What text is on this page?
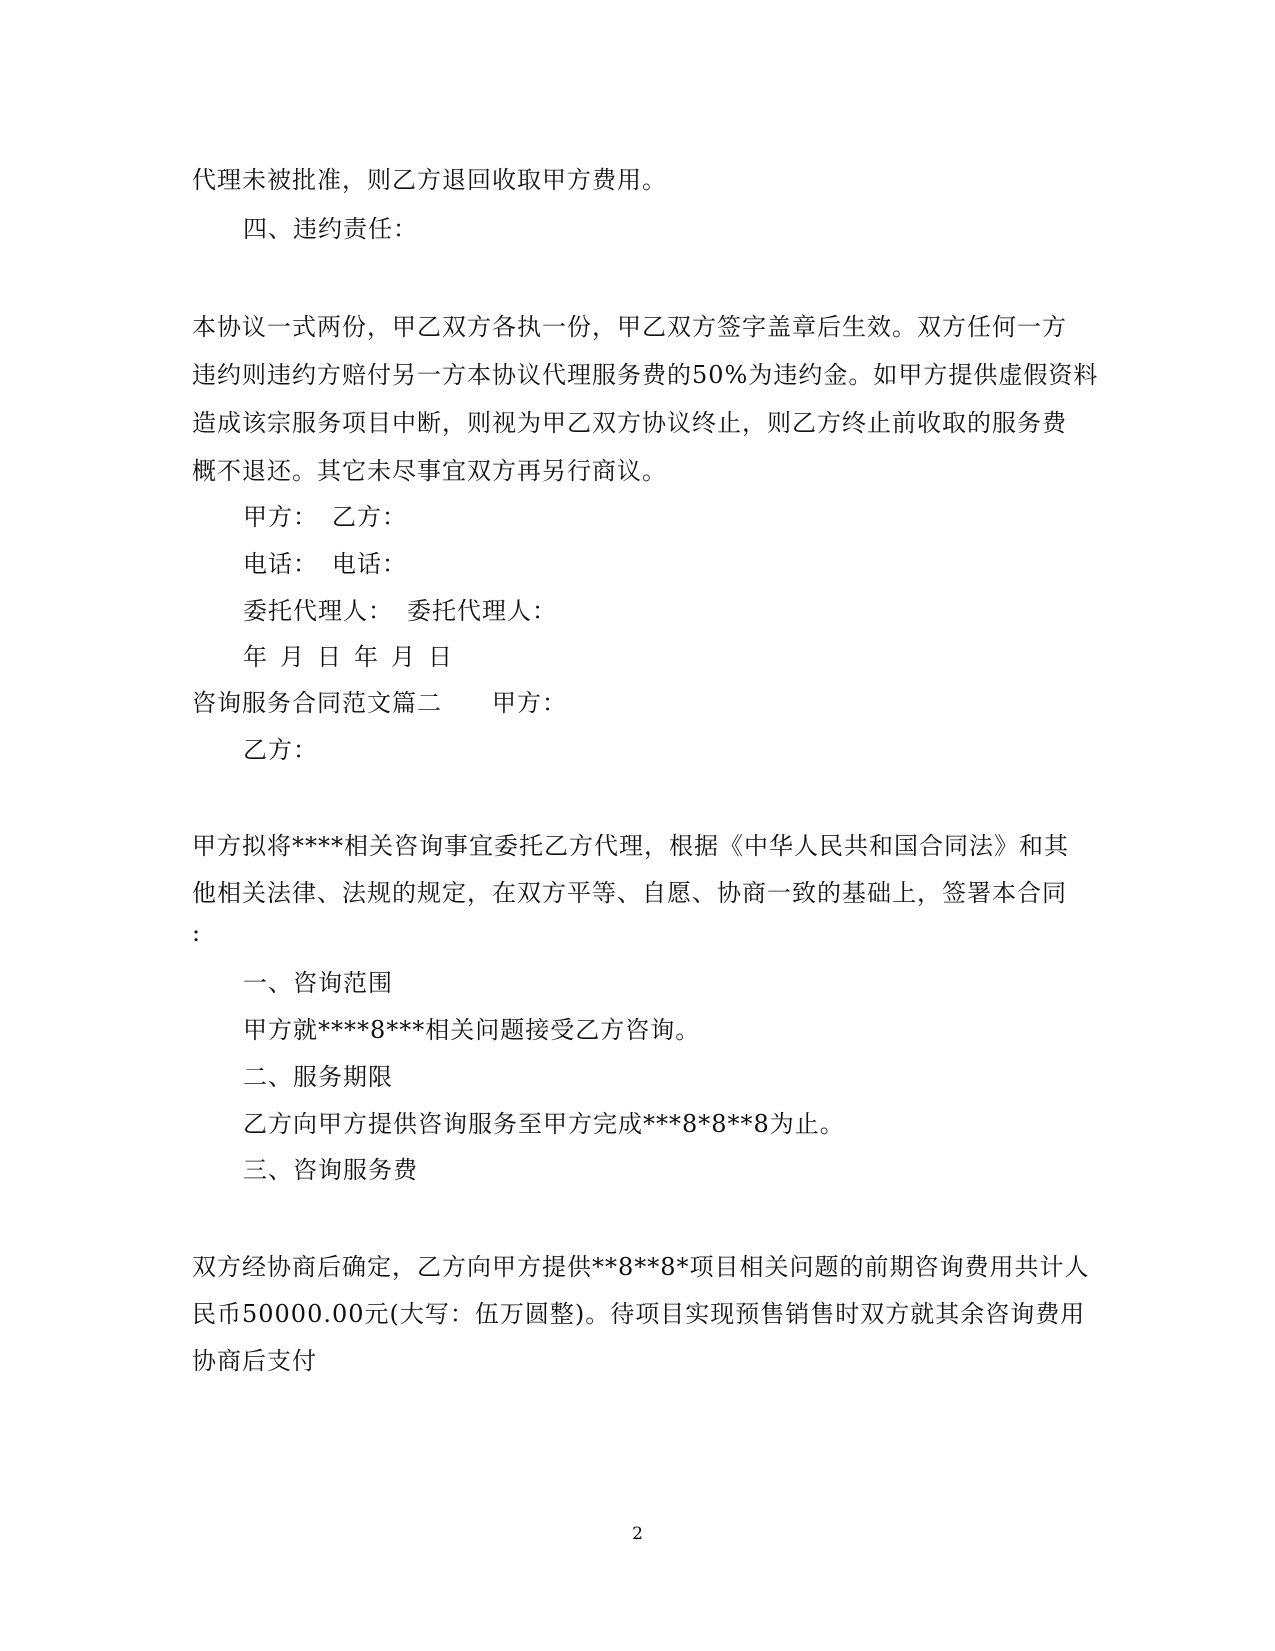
代理未被批准，则乙方退回收取甲方费用。
四、违约责任：
本协议一式两份，甲乙双方各执一份，甲乙双方签字盖章后生效。双方任何一方
违约则违约方赔付另一方本协议代理服务费的50%为违约金。如甲方提供虚假资料
造成该宗服务项目中断，则视为甲乙双方协议终止，则乙方终止前收取的服务费
概不退还。其它未尽事宜双方再另行商议。
甲方： 乙方：
电话： 电话：
委托代理人： 委托代理人：
年 月 日 年 月 日
咨询服务合同范文篇二 甲方：
乙方：
甲方拟将****相关咨询事宜委托乙方代理，根据《中华人民共和国合同法》和其
他相关法律、法规的规定，在双方平等、自愿、协商一致的基础上，签署本合同
:
一、咨询范围
甲方就****8***相关问题接受乙方咨询。
二、服务期限
乙方向甲方提供咨询服务至甲方完成***8*8**8为止。
三、咨询服务费
双方经协商后确定，乙方向甲方提供**8**8*项目相关问题的前期咨询费用共计人
民币50000.00元(大写：伍万圆整)。待项目实现预售销售时双方就其余咨询费用
协商后支付
2
